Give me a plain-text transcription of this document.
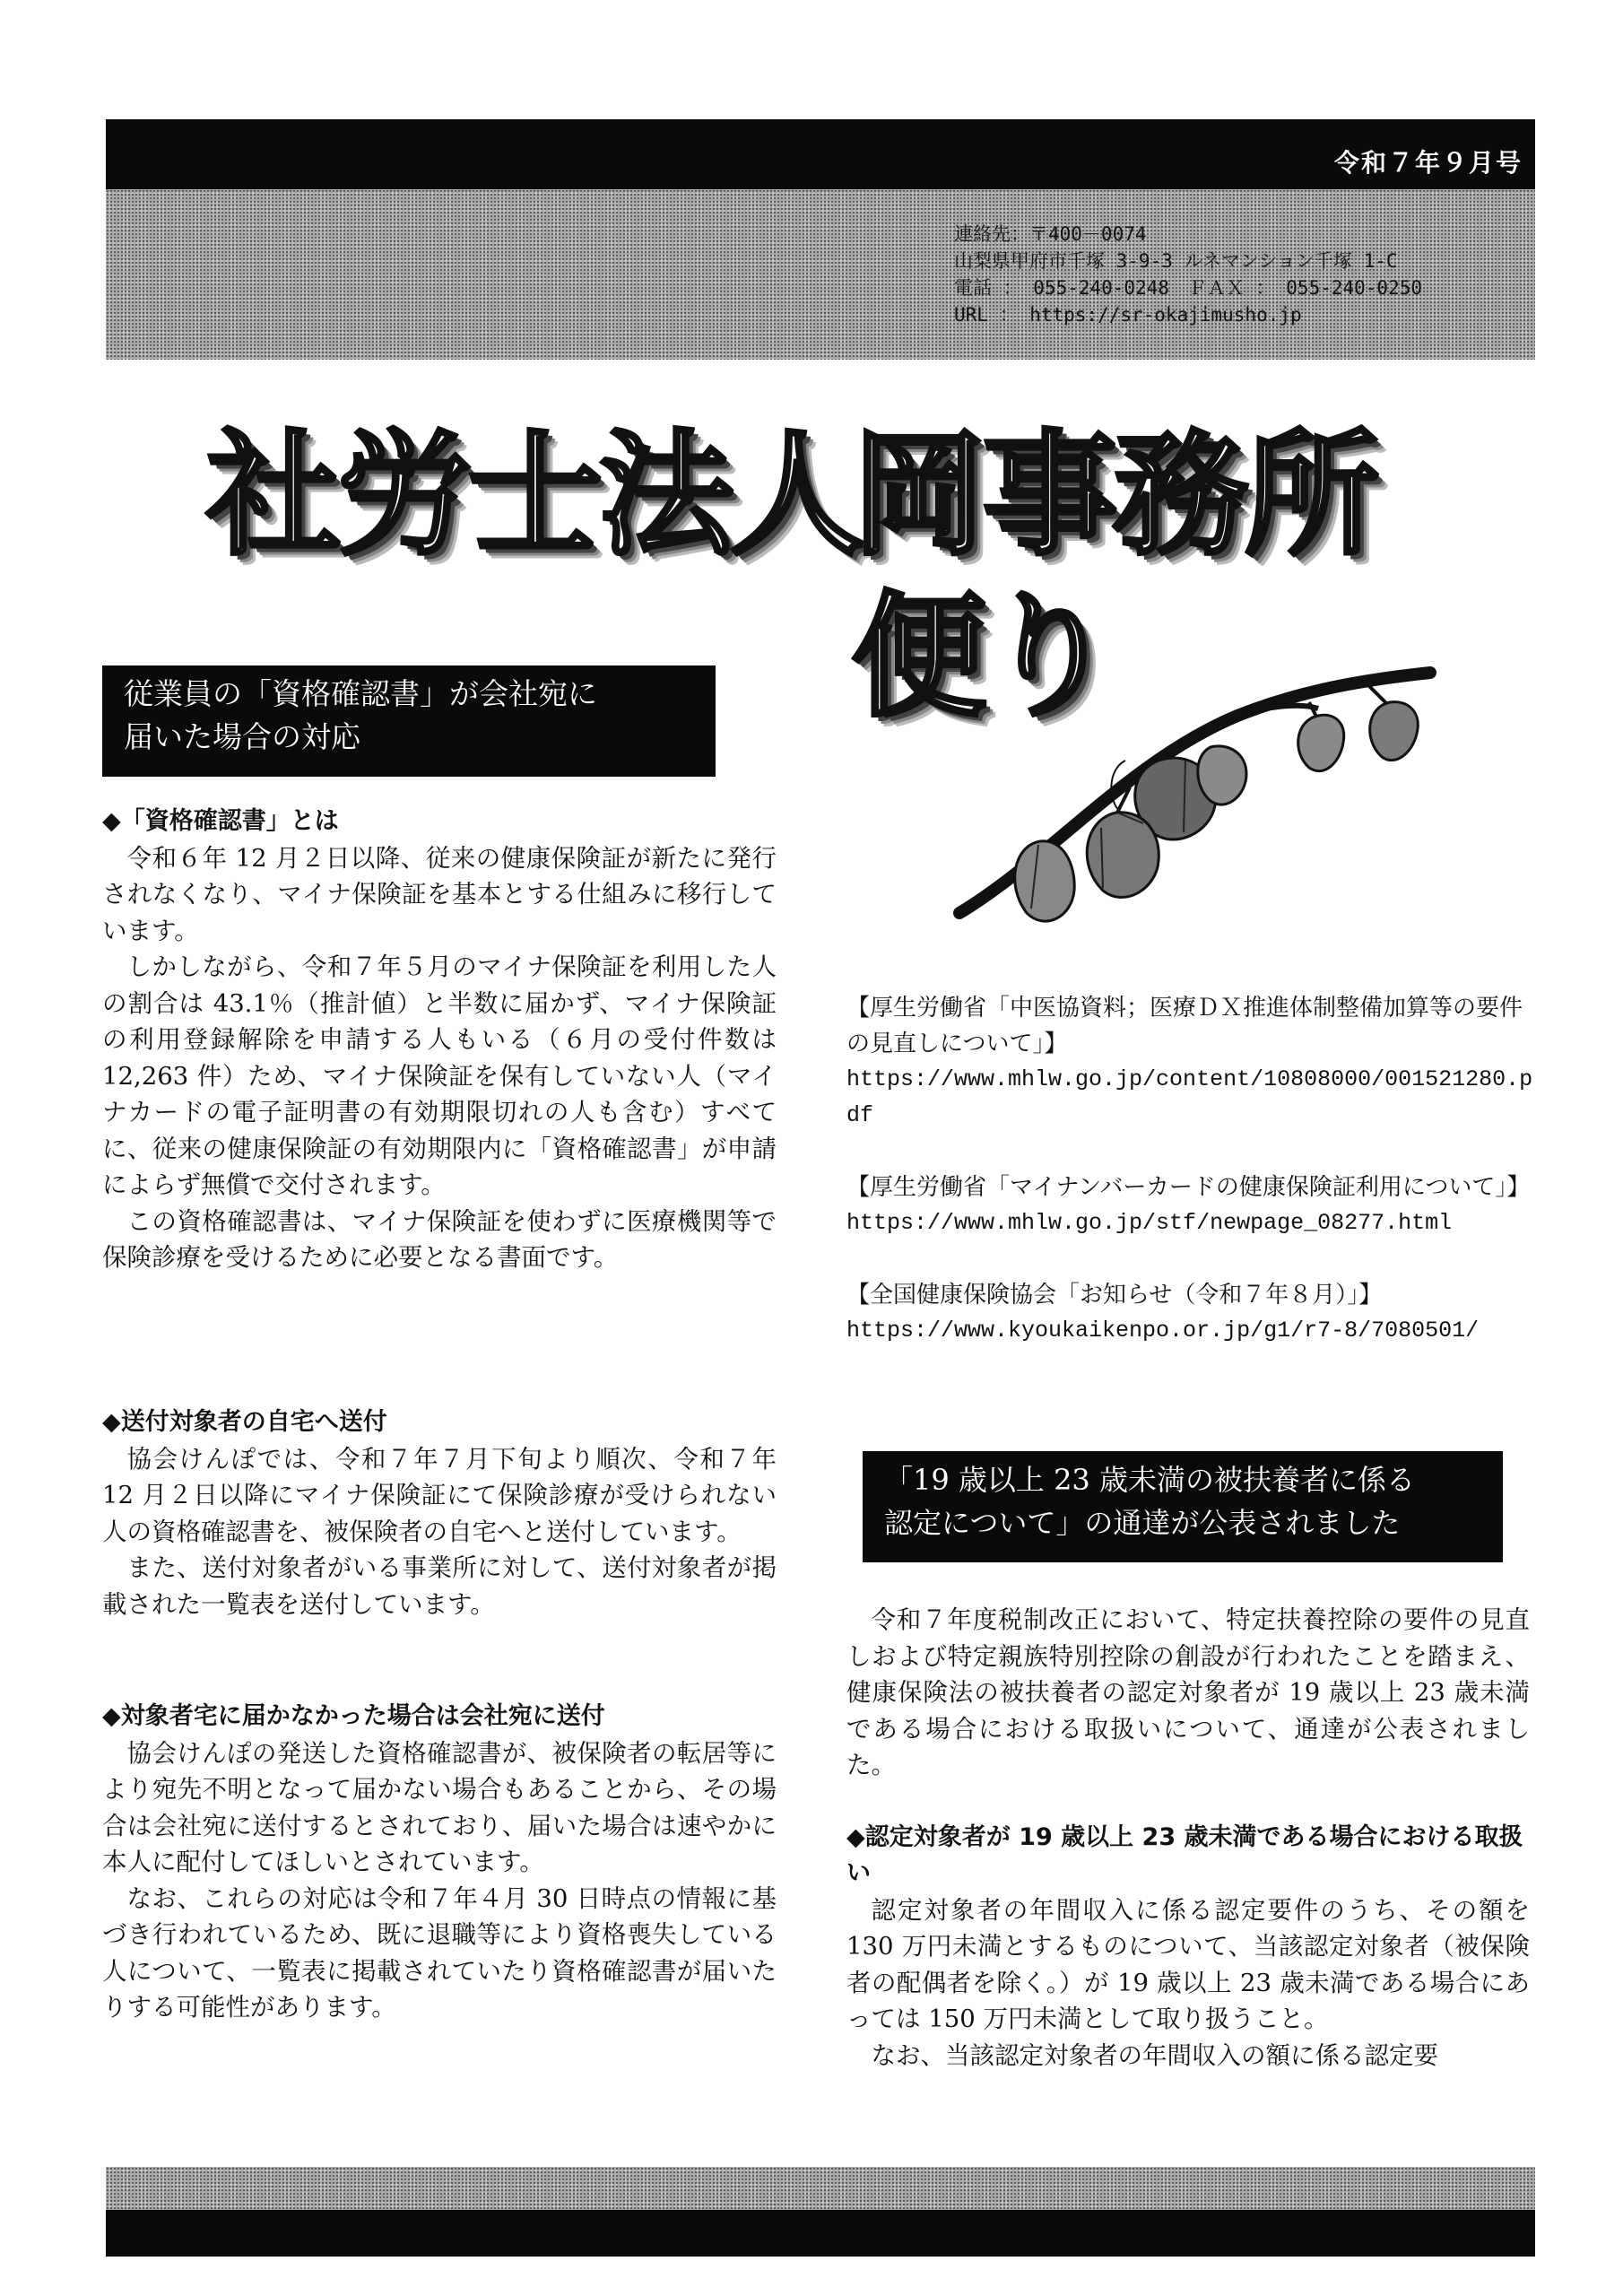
令和７年９月号
連絡先：〒400－0074
山梨県甲府市千塚 3-9-3 ルネマンション千塚 1-C
電話 ： 055-240-0248　ＦＡＸ ： 055-240-0250
URL ： https://sr-okajimusho.jp
社労士法人
岡事務所便り
従業員の「資格確認書」が会社宛に
届いた場合の対応
◆「資格確認書」とは

令和６年 12 月２日以降、従来の健康保険証が新たに発行されなくなり、マイナ保険証を基本とする仕組みに移行しています。

しかしながら、令和７年５月のマイナ保険証を利用した人の割合は 43.1％（推計値）と半数に届かず、マイナ保険証の利用登録解除を申請する人もいる（６月の受付件数は 12,263 件）ため、マイナ保険証を保有していない人（マイナカードの電子証明書の有効期限切れの人も含む）すべてに、従来の健康保険証の有効期限内に「資格確認書」が申請によらず無償で交付されます。

この資格確認書は、マイナ保険証を使わずに医療機関等で保険診療を受けるために必要となる書面です。

◆送付対象者の自宅へ送付

協会けんぽでは、令和７年７月下旬より順次、令和７年 12 月２日以降にマイナ保険証にて保険診療が受けられない人の資格確認書を、被保険者の自宅へと送付しています。

また、送付対象者がいる事業所に対して、送付対象者が掲載された一覧表を送付しています。

◆対象者宅に届かなかった場合は会社宛に送付

協会けんぽの発送した資格確認書が、被保険者の転居等により宛先不明となって届かない場合もあることから、その場合は会社宛に送付するとされており、届いた場合は速やかに本人に配付してほしいとされています。

なお、これらの対応は令和７年４月 30 日時点の情報に基づき行われているため、既に退職等により資格喪失している人について、一覧表に掲載されていたり資格確認書が届いたりする可能性があります。

【厚生労働省「中医協資料；医療ＤＸ推進体制整備加算等の要件の見直しについて」】
https://www.mhlw.go.jp/content/10808000/001521280.pdf
【厚生労働省「マイナンバーカードの健康保険証利用について」】
https://www.mhlw.go.jp/stf/newpage_08277.html
【全国健康保険協会「お知らせ（令和７年８月）」】
https://www.kyoukaikenpo.or.jp/g1/r7-8/7080501/
「19 歳以上 23 歳未満の被扶養者に係る
認定について」の通達が公表されました

令和７年度税制改正において、特定扶養控除の要件の見直しおよび特定親族特別控除の創設が行われたことを踏まえ、健康保険法の被扶養者の認定対象者が 19 歳以上 23 歳未満である場合における取扱いについて、通達が公表されました。

◆認定対象者が 19 歳以上 23 歳未満である場合における取扱い

認定対象者の年間収入に係る認定要件のうち、その額を 130 万円未満とするものについて、当該認定対象者（被保険者の配偶者を除く。）が 19 歳以上 23 歳未満である場合にあっては 150 万円未満として取り扱うこと。

なお、当該認定対象者の年間収入の額に係る認定要
